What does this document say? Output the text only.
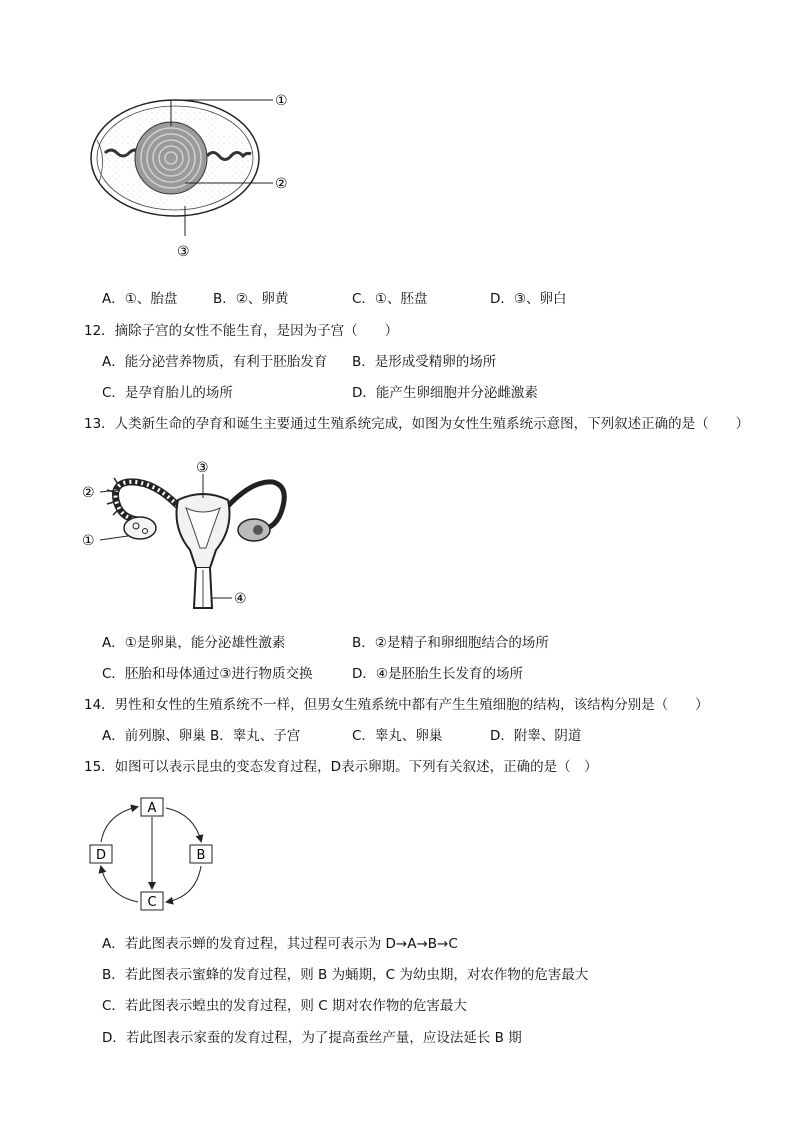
①
②
③
A．①、胎盘	B．②、卵黄	C．①、胚盘	D．③、卵白
12．摘除子宫的女性不能生育，是因为子宫（　　）
A．能分泌营养物质，有利于胚胎发育 B．是形成受精卵的场所
C．是孕育胎儿的场所	D．能产生卵细胞并分泌雌激素
13．人类新生命的孕育和诞生主要通过生殖系统完成，如图为女性生殖系统示意图，下列叙述正确的是（　　）
③
②
①
④
A．①是卵巢，能分泌雄性激素	B．②是精子和卵细胞结合的场所
C．胚胎和母体通过③进行物质交换	D．④是胚胎生长发育的场所
14．男性和女性的生殖系统不一样，但男女生殖系统中都有产生生殖细胞的结构，该结构分别是（　　）
A．前列腺、卵巢 B．睾丸、子宫	C．睾丸、卵巢	D．附睾、阴道
15．如图可以表示昆虫的变态发育过程，D表示卵期。下列有关叙述，正确的是（　）
A
B
C
D
A．若此图表示蝉的发育过程，其过程可表示为 D→A→B→C
B．若此图表示蜜蜂的发育过程，则 B 为蛹期，C 为幼虫期，对农作物的危害最大
C．若此图表示蝗虫的发育过程，则 C 期对农作物的危害最大
D．若此图表示家蚕的发育过程，为了提高蚕丝产量，应设法延长 B 期
